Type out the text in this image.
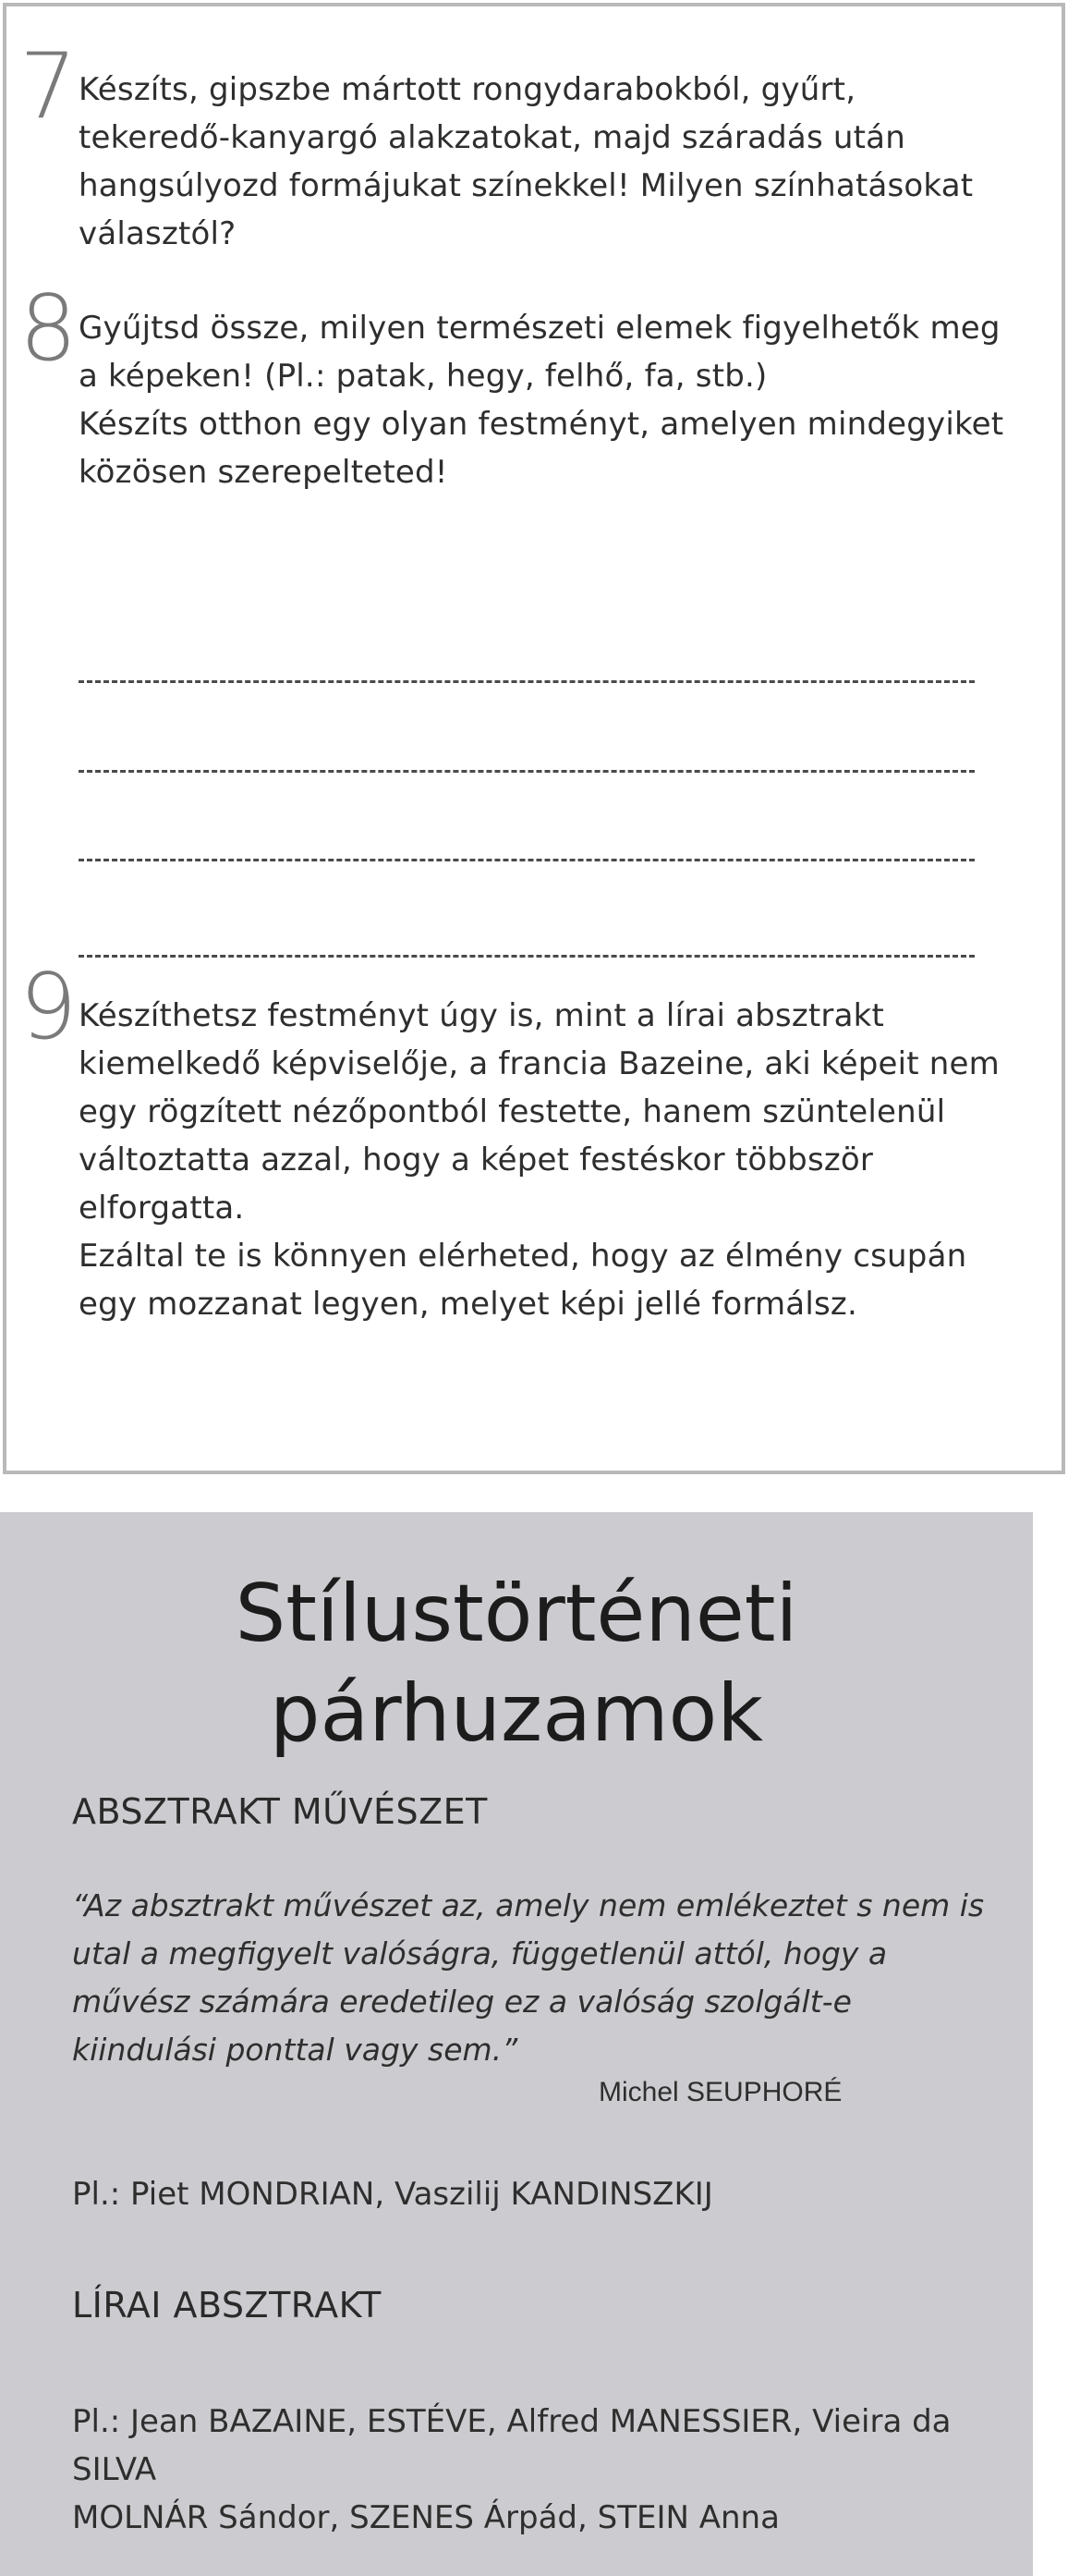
7 Készíts, gipszbe mártott rongydarabokból, gyűrt, tekeredő-kanyargó alakzatokat, majd száradás után hangsúlyozd formájukat színekkel! Milyen színhatásokat választól?

8 Gyűjtsd össze, milyen természeti elemek figyelhetők meg a képeken! (Pl.: patak, hegy, felhő, fa, stb.)

Készíts otthon egy olyan festményt, amelyen mindegyiket közösen szerepelteted!

9 Készíthetsz festményt úgy is, mint a lírai absztrakt kiemelkedő képviselője, a francia Bazeine, aki képeit nem egy rögzített nézőpontból festette, hanem szüntelenül változtatta azzal, hogy a képet festéskor többször elforgatta.

Ezáltal te is könnyen elérheted, hogy az élmény csupán egy mozzanat legyen, melyet képi jellé formálsz.

Stílustörténeti
párhuzamok
ABSZTRAKT MŰVÉSZET
“Az absztrakt művészet az, amely nem emlékeztet s nem is utal a megfigyelt valóságra, függetlenül attól, hogy a művész számára eredetileg ez a valóság szolgált-e kiindulási ponttal vagy sem.”
Michel SEUPHORÉ

Pl.: Piet MONDRIAN, Vaszilij KANDINSZKIJ

LÍRAI ABSZTRAKT

Pl.: Jean BAZAINE, ESTÉVE, Alfred MANESSIER, Vieira da SILVA

MOLNÁR Sándor, SZENES Árpád, STEIN Anna
